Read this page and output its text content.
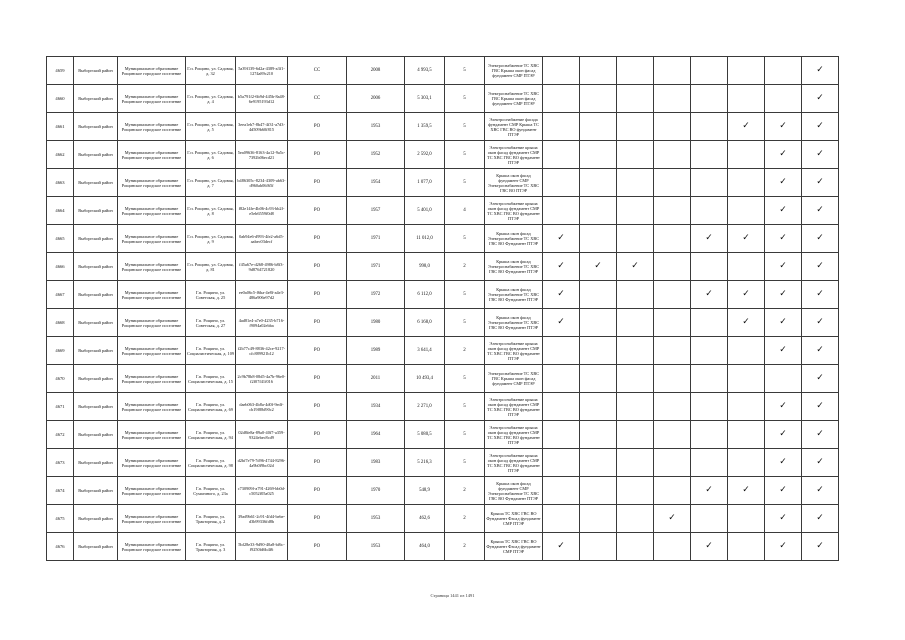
4659	Выборгский район	Муниципальное образование Рощинское городское поселение	Г.п. Рощино, ул. Садовая, д. 32	5a39f139-6d2a-4389-a3f1-1274a89c210	СС	2008	4 993,5	5	Электроснабжение ТС ХВС ГВС Крыша окон фасад фундамент СМР ПТЭР								✓
4660	Выборгский район	Муниципальное образование Рощинское городское поселение	Г.п. Рощино, ул. Садовая, д. 4	b5a791f2-6b9d-445b-8a48-6e9195193d12	СС	2006	5 303,1	5	Электроснабжение ТС ХВС ГВС Крыша окон фасад фундамент СМР ПТЭР								✓
4661	Выборгский район	Муниципальное образование Рощинское городское поселение	Г.п. Рощино, ул. Садовая, д. 5	3eea1eb7-8b47-4f31-a7d3-4d509b60f815	РО	1953	1 359,5	5	Электроснабжение фасада фундамент СМР Крыша ТС ХВС ГВС ВО фундамент ПТЭР						✓	✓	✓
4662	Выборгский район	Муниципальное образование Рощинское городское поселение	Г.п. Рощино, ул. Садовая, д. 6	5ea09636-8163-4a12-9a5c-7392b06ecd21	РО	1952	2 592,0	5	Электроснабжение крыша окон фасад фундамент СМР ТС ХВС ГВС ВО фундамент ПТЭР							✓	✓
4663	Выборгский район	Муниципальное образование Рощинское городское поселение	Г.п. Рощино, ул. Садовая, д. 7	b486305c-8234-4309-ab63-d960ab06f65f	РО	1954	1 077,0	5	Крыша окон фасад фундамент СМР Электроснабжение ТС ХВС ГВС ВО ПТЭР							✓	✓
4664	Выборгский район	Муниципальное образование Рощинское городское поселение	Г.п. Рощино, ул. Садовая, д. 8	f82e14fe-4b06-4c93-bb2f-e5eb6559f0d8	РО	1957	5 401,0	4	Электроснабжение крыша окон фасад фундамент СМР ТС ХВС ГВС ВО фундамент ПТЭР							✓	✓
4665	Выборгский район	Муниципальное образование Рощинское городское поселение	Г.п. Рощино, ул. Садовая, д. 9	0ab94e6-d993-4fe2-a6d5-aabec03decf	РО	1971	11 012,0	5	Крыша окон фасад Электроснабжение ТС ХВС ГВС ВО Фундамент ПТЭР	✓				✓	✓	✓	✓
4666	Выборгский район	Муниципальное образование Рощинское городское поселение	Г.п. Рощино, ул. Садовая, д. 81	f45a67e-d268-4986-b8f3-9d8764721820	РО	1971	998,0	2	Крыша окон фасад Электроснабжение ТС ХВС ГВС ВО Фундамент ПТЭР	✓	✓	✓				✓	✓
4667	Выборгский район	Муниципальное образование Рощинское городское поселение	Г.п. Рощино, ул. Советская, д. 25	ee0a06c5-f6ba-4e8f-a4e3-486a906e97d2	РО	1972	6 112,0	5	Крыша окон фасад Электроснабжение ТС ХВС ГВС ВО Фундамент ПТЭР	✓				✓	✓	✓	✓
4668	Выборгский район	Муниципальное образование Рощинское городское поселение	Г.п. Рощино, ул. Советская, д. 27	4ad81e4-a7e0-4235-b716-f9094a02ebba	РО	1980	6 168,0	5	Крыша окон фасад Электроснабжение ТС ХВС ГВС ВО Фундамент ПТЭР	✓					✓	✓	✓
4669	Выборгский район	Муниципальное образование Рощинское городское поселение	Г.п. Рощино, ул. Социалистическая, д. 109	f2b77c49-8836-42ce-9217-cfc889921b12	РО	1989	3 641,4	2	Электроснабжение крыша окон фасад фундамент СМР ТС ХВС ГВС ВО фундамент ПТЭР							✓	✓
4670	Выборгский район	Муниципальное образование Рощинское городское поселение	Г.п. Рощино, ул. Социалистическая, д. 15	2c9b78b8-08d5-4a7b-96e0-f2f07f41f016	РО	2011	10 493,4	5	Электроснабжение ТС ХВС ГВС Крыша окон фасад фундамент СМР ПТЭР								✓
4671	Выборгский район	Муниципальное образование Рощинское городское поселение	Г.п. Рощино, ул. Социалистическая, д. 69	daeb063-4b8a-4d0f-9edf-cb19f88d90c2	РО	1934	2 271,0	5	Электроснабжение крыша окон фасад фундамент СМР ТС ХВС ГВС ВО фундамент ПТЭР							✓	✓
4672	Выборгский район	Муниципальное образование Рощинское городское поселение	Г.п. Рощино, ул. Социалистическая, д. 94	02d8fe8a-89a0-40f7-a359-9324ebec8cd9	РО	1964	5 080,5	5	Электроснабжение крыша окон фасад фундамент СМР ТС ХВС ГВС ВО фундамент ПТЭР							✓	✓
4673	Выборгский район	Муниципальное образование Рощинское городское поселение	Г.п. Рощино, ул. Социалистическая, д. 98	d2bf7e79-7d96-4744-8296-4a9b0f9bc02d	РО	1983	5 216,3	5	Электроснабжение крыша окон фасад фундамент СМР ТС ХВС ГВС ВО фундамент ПТЭР							✓	✓
4674	Выборгский район	Муниципальное образование Рощинское городское поселение	Г.п. Рощино, ул. Сумагиного, д. 23а	c730909f-a791-4269-bb0d-c5052f05a025	РО	1970	548,9	2	Крыша окон фасад фундамент СМР Электроснабжение ТС ХВС ГВС ВО Фундамент ПТЭР					✓	✓	✓	✓
4675	Выборгский район	Муниципальное образование Рощинское городское поселение	Г.п. Рощино, ул. Тракторная, д. 2	39ad9b61-2c91-4fd4-bebe-d3b99336fd8b	РО	1953	462,6	2	Крыша ТС ХВС ГВС ВО Фундамент Фасад фундамент СМР ПТЭР				✓			✓	✓
4676	Выборгский район	Муниципальное образование Рощинское городское поселение	Г.п. Рощино, ул. Тракторная, д. 3	5bf28e33-9d90-40a8-bf6c-f9250fd6b4f6	РО	1953	464,0	2	Крыша ТС ХВС ГВС ВО Фундамент Фасад фундамент СМР ПТЭР	✓				✓		✓	✓
Страница 1441 из 1491
